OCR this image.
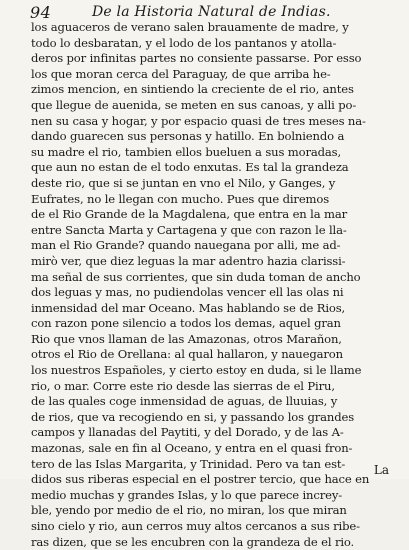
94	De la Historia Natural de Indias.
los aguaceros de verano salen brauamente de madre, y
todo lo desbaratan, y el lodo de los pantanos y atolla-
deros por infinitas partes no consiente passarse. Por esso
los que moran cerca del Paraguay, de que arriba he-
zimos mencion, en sintiendo la creciente de el rio, antes
que llegue de auenida, se meten en sus canoas, y alli po-
nen su casa y hogar, y por espacio quasi de tres meses na-
dando guarecen sus personas y hatillo. En bolniendo a
su madre el rio, tambien ellos bueluen a sus moradas,
que aun no estan de el todo enxutas. Es tal la grandeza
deste rio, que si se juntan en vno el Nilo, y Ganges, y
Eufrates, no le llegan con mucho. Pues que diremos
de el Rio Grande de la Magdalena, que entra en la mar
entre Sancta Marta y Cartagena y que con razon le lla-
man el Rio Grande? quando nauegana por alli, me ad-
mirò ver, que diez leguas la mar adentro hazia clarissi-
ma señal de sus corrientes, que sin duda toman de ancho
dos leguas y mas, no pudiendolas vencer ell las olas ni
inmensidad del mar Oceano. Mas hablando se de Rios,
con razon pone silencio a todos los demas, aquel gran
Rio que vnos llaman de las Amazonas, otros Marañon,
otros el Rio de Orellana: al qual hallaron, y nauegaron
los nuestros Españoles, y cierto estoy en duda, si le llame
rio, o mar. Corre este rio desde las sierras de el Piru,
de las quales coge inmensidad de aguas, de lluuias, y
de rios, que va recogiendo en si, y passando los grandes
campos y llanadas del Paytiti, y del Dorado, y de las A-
mazonas, sale en fin al Oceano, y entra en el quasi fron-
tero de las Islas Margarita, y Trinidad. Pero va tan est-
didos sus riberas especial en el postrer tercio, que hace en
medio muchas y grandes Islas, y lo que parece increy-
ble, yendo por medio de el rio, no miran, los que miran
sino cielo y rio, aun cerros muy altos cercanos a sus ribe-
ras dizen, que se les encubren con la grandeza de el rio.
La
